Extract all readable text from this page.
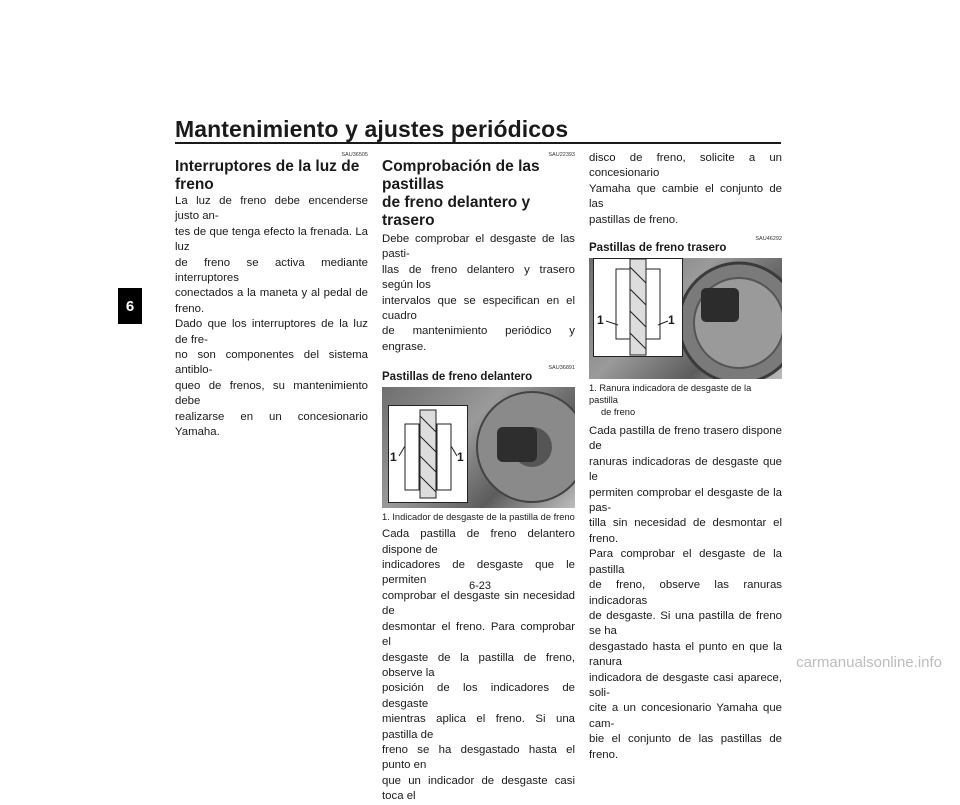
Mantenimiento y ajustes periódicos
6
SAU36505
Interruptores de la luz de freno
La luz de freno debe encenderse justo an-
tes de que tenga efecto la frenada. La luz
de freno se activa mediante interruptores
conectados a la maneta y al pedal de freno.
Dado que los interruptores de la luz de fre-
no son componentes del sistema antiblo-
queo de frenos, su mantenimiento debe
realizarse en un concesionario Yamaha.
SAU22393
Comprobación de las pastillas
de freno delantero y trasero
Debe comprobar el desgaste de las pasti-
llas de freno delantero y trasero según los
intervalos que se especifican en el cuadro
de mantenimiento periódico y engrase.
SAU36891
Pastillas de freno delantero
1	1
1. Indicador de desgaste de la pastilla de freno
Cada pastilla de freno delantero dispone de
indicadores de desgaste que le permiten
comprobar el desgaste sin necesidad de
desmontar el freno. Para comprobar el
desgaste de la pastilla de freno, observe la
posición de los indicadores de desgaste
mientras aplica el freno. Si una pastilla de
freno se ha desgastado hasta el punto en
que un indicador de desgaste casi toca el
disco de freno, solicite a un concesionario
Yamaha que cambie el conjunto de las
pastillas de freno.
SAU46292
Pastillas de freno trasero
1	1
1. Ranura indicadora de desgaste de la pastilla
de freno
Cada pastilla de freno trasero dispone de
ranuras indicadoras de desgaste que le
permiten comprobar el desgaste de la pas-
tilla sin necesidad de desmontar el freno.
Para comprobar el desgaste de la pastilla
de freno, observe las ranuras indicadoras
de desgaste. Si una pastilla de freno se ha
desgastado hasta el punto en que la ranura
indicadora de desgaste casi aparece, soli-
cite a un concesionario Yamaha que cam-
bie el conjunto de las pastillas de freno.
6-23
carmanualsonline.info
